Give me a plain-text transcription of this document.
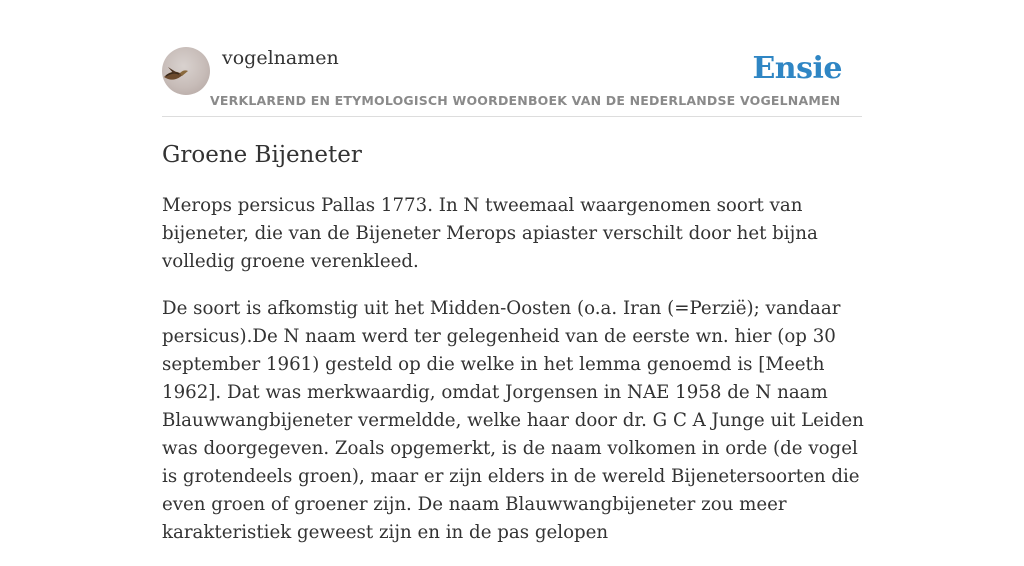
vogelnamen	Ensie
VERKLAREND EN ETYMOLOGISCH WOORDENBOEK VAN DE NEDERLANDSE VOGELNAMEN
Groene Bijeneter

Merops persicus Pallas 1773. In N tweemaal waargenomen soort van bijeneter, die van de Bijeneter Merops apiaster verschilt door het bijna volledig groene verenkleed.

De soort is afkomstig uit het Midden-Oosten (o.a. Iran (=Perzië); vandaar persicus).De N naam werd ter gelegenheid van de eerste wn. hier (op 30 september 1961) gesteld op die welke in het lemma genoemd is [Meeth 1962]. Dat was merkwaardig, omdat Jorgensen in NAE 1958 de N naam Blauwwangbijeneter vermeldde, welke haar door dr. G C A Junge uit Leiden was doorgegeven. Zoals opgemerkt, is de naam volkomen in orde (de vogel is grotendeels groen), maar er zijn elders in de wereld Bijenetersoorten die even groen of groener zijn. De naam Blauwwangbijeneter zou meer karakteristiek geweest zijn en in de pas gelopen
